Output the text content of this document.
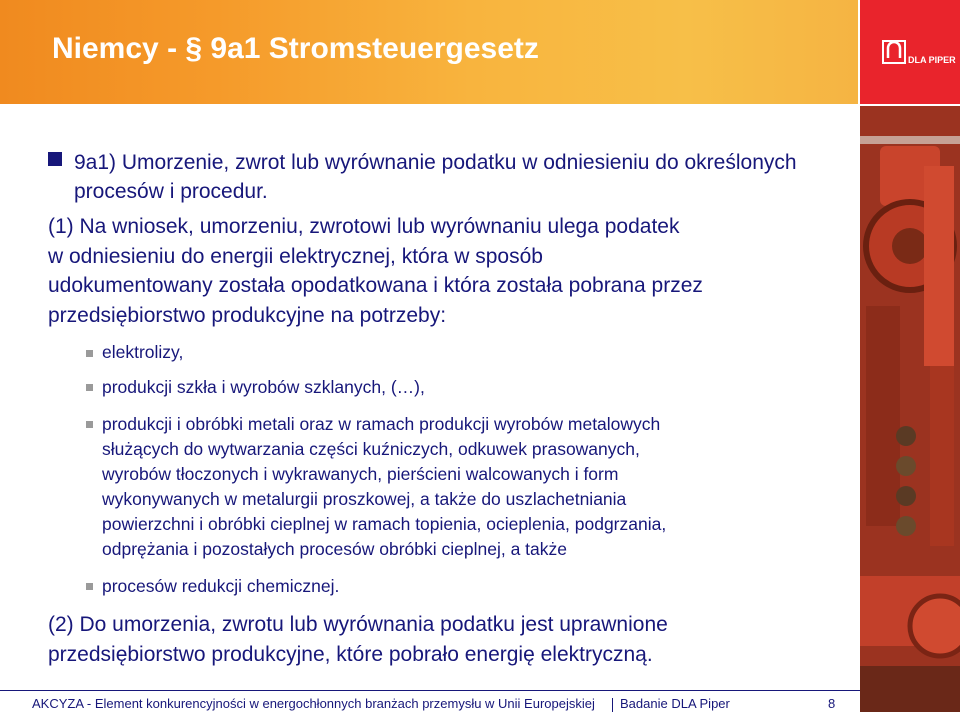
Niemcy - § 9a1 Stromsteuergesetz	DLA PIPER
9a1) Umorzenie, zwrot lub wyrównanie podatku w odniesieniu do określonych procesów i procedur.
(1) Na wniosek, umorzeniu, zwrotowi lub wyrównaniu ulega podatek
w odniesieniu do energii elektrycznej, która w sposób
udokumentowany została opodatkowana i która została pobrana przez
przedsiębiorstwo produkcyjne na potrzeby:
elektrolizy,
produkcji szkła i wyrobów szklanych, (…),
produkcji i obróbki metali oraz w ramach produkcji wyrobów metalowych
służących do wytwarzania części kuźniczych, odkuwek prasowanych,
wyrobów tłoczonych i wykrawanych, pierścieni walcowanych i form
wykonywanych w metalurgii proszkowej, a także do uszlachetniania
powierzchni i obróbki cieplnej w ramach topienia, ocieplenia, podgrzania,
odprężania i pozostałych procesów obróbki cieplnej, a także
procesów redukcji chemicznej.
(2) Do umorzenia, zwrotu lub wyrównania podatku jest uprawnione
przedsiębiorstwo produkcyjne, które pobrało energię elektryczną.
AKCYZA - Element konkurencyjności w energochłonnych branżach przemysłu w Unii Europejskiej Badanie DLA Piper	8
